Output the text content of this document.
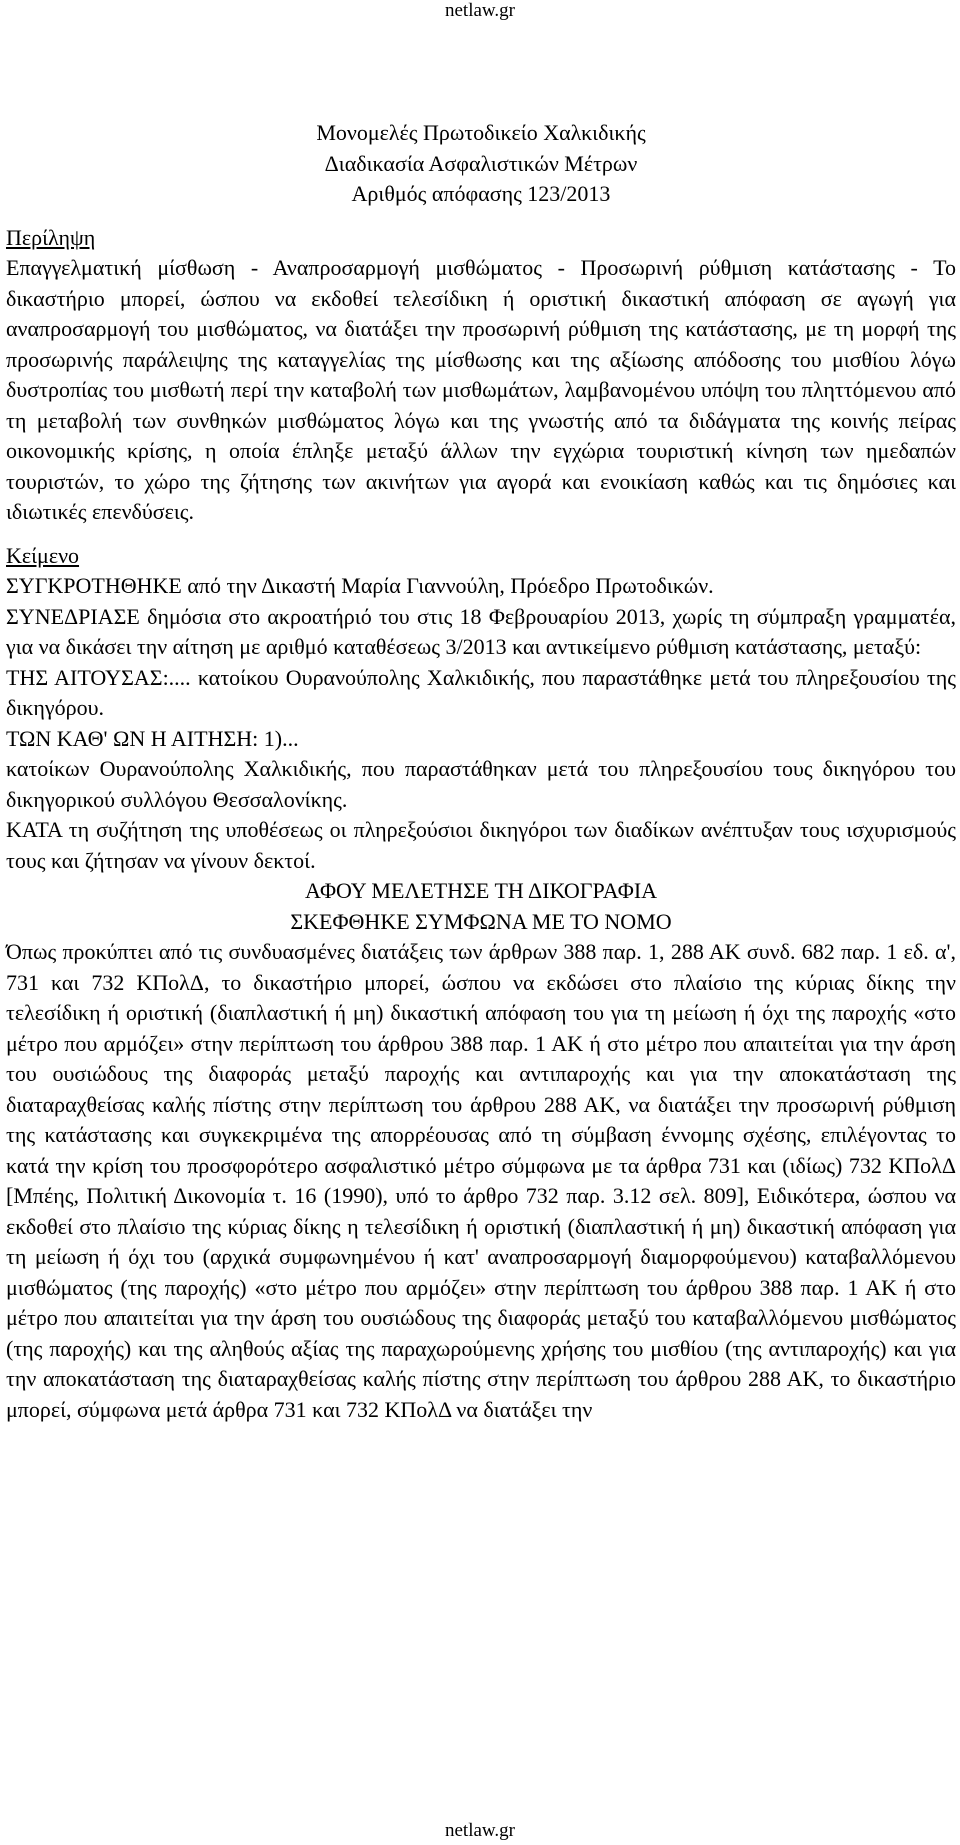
netlaw.gr
Μονομελές Πρωτοδικείο Χαλκιδικής
Διαδικασία Ασφαλιστικών Μέτρων
Αριθμός απόφασης 123/2013
Περίληψη

Επαγγελματική μίσθωση - Αναπροσαρμογή μισθώματος - Προσωρινή ρύθμιση κατάστασης - Το δικαστήριο μπορεί, ώσπου να εκδοθεί τελεσίδικη ή οριστική δικαστική απόφαση σε αγωγή για αναπροσαρμογή του μισθώματος, να διατάξει την προσωρινή ρύθμιση της κατάστασης, με τη μορφή της προσωρινής παράλειψης της καταγγελίας της μίσθωσης και της αξίωσης απόδοσης του μισθίου λόγω δυστροπίας του μισθωτή περί την καταβολή των μισθωμάτων, λαμβανομένου υπόψη του πληττόμενου από τη μεταβολή των συνθηκών μισθώματος λόγω και της γνωστής από τα διδάγματα της κοινής πείρας οικονομικής κρίσης, η οποία έπληξε μεταξύ άλλων την εγχώρια τουριστική κίνηση των ημεδαπών τουριστών, το χώρο της ζήτησης των ακινήτων για αγορά και ενοικίαση καθώς και τις δημόσιες και ιδιωτικές επενδύσεις.

Κείμενο
ΣΥΓΚΡΟΤΗΘΗΚΕ από την Δικαστή Μαρία Γιαννούλη, Πρόεδρο Πρωτοδικών.

ΣΥΝΕΔΡΙΑΣΕ δημόσια στο ακροατήριό του στις 18 Φεβρουαρίου 2013, χωρίς τη σύμπραξη γραμματέα, για να δικάσει την αίτηση με αριθμό καταθέσεως 3/2013 και αντικείμενο ρύθμιση κατάστασης, μεταξύ:

ΤΗΣ ΑΙΤΟΥΣΑΣ:.... κατοίκου Ουρανούπολης Χαλκιδικής, που παραστάθηκε μετά του πληρεξουσίου της δικηγόρου.

ΤΩΝ ΚΑΘ' ΩΝ Η ΑΙΤΗΣΗ: 1)...

κατοίκων Ουρανούπολης Χαλκιδικής, που παραστάθηκαν μετά του πληρεξουσίου τους δικηγόρου του δικηγορικού συλλόγου Θεσσαλονίκης.

ΚΑΤΑ τη συζήτηση της υποθέσεως οι πληρεξούσιοι δικηγόροι των διαδίκων ανέπτυξαν τους ισχυρισμούς τους και ζήτησαν να γίνουν δεκτοί.

ΑΦΟΥ ΜΕΛΕΤΗΣΕ ΤΗ ΔΙΚΟΓΡΑΦΙΑ
ΣΚΕΦΘΗΚΕ ΣΥΜΦΩΝΑ ΜΕ ΤΟ ΝΟΜΟ

Όπως προκύπτει από τις συνδυασμένες διατάξεις των άρθρων 388 παρ. 1, 288 ΑΚ συνδ. 682 παρ. 1 εδ. α', 731 και 732 ΚΠολΔ, το δικαστήριο μπορεί, ώσπου να εκδώσει στο πλαίσιο της κύριας δίκης την τελεσίδικη ή οριστική (διαπλαστική ή μη) δικαστική απόφαση του για τη μείωση ή όχι της παροχής «στο μέτρο που αρμόζει» στην περίπτωση του άρθρου 388 παρ. 1 ΑΚ ή στο μέτρο που απαιτείται για την άρση του ουσιώδους της διαφοράς μεταξύ παροχής και αντιπαροχής και για την αποκατάσταση της διαταραχθείσας καλής πίστης στην περίπτωση του άρθρου 288 ΑΚ, να διατάξει την προσωρινή ρύθμιση της κατάστασης και συγκεκριμένα της απορρέουσας από τη σύμβαση έννομης σχέσης, επιλέγοντας το κατά την κρίση του προσφορότερο ασφαλιστικό μέτρο σύμφωνα με τα άρθρα 731 και (ιδίως) 732 ΚΠολΔ [Μπέης, Πολιτική Δικονομία τ. 16 (1990), υπό το άρθρο 732 παρ. 3.12 σελ. 809], Ειδικότερα, ώσπου να εκδοθεί στο πλαίσιο της κύριας δίκης η τελεσίδικη ή οριστική (διαπλαστική ή μη) δικαστική απόφαση για τη μείωση ή όχι του (αρχικά συμφωνημένου ή κατ' αναπροσαρμογή διαμορφούμενου) καταβαλλόμενου μισθώματος (της παροχής) «στο μέτρο που αρμόζει» στην περίπτωση του άρθρου 388 παρ. 1 ΑΚ ή στο μέτρο που απαιτείται για την άρση του ουσιώδους της διαφοράς μεταξύ του καταβαλλόμενου μισθώματος (της παροχής) και της αληθούς αξίας της παραχωρούμενης χρήσης του μισθίου (της αντιπαροχής) και για την αποκατάσταση της διαταραχθείσας καλής πίστης στην περίπτωση του άρθρου 288 ΑΚ, το δικαστήριο μπορεί, σύμφωνα μετά άρθρα 731 και 732 ΚΠολΔ να διατάξει την

netlaw.gr
